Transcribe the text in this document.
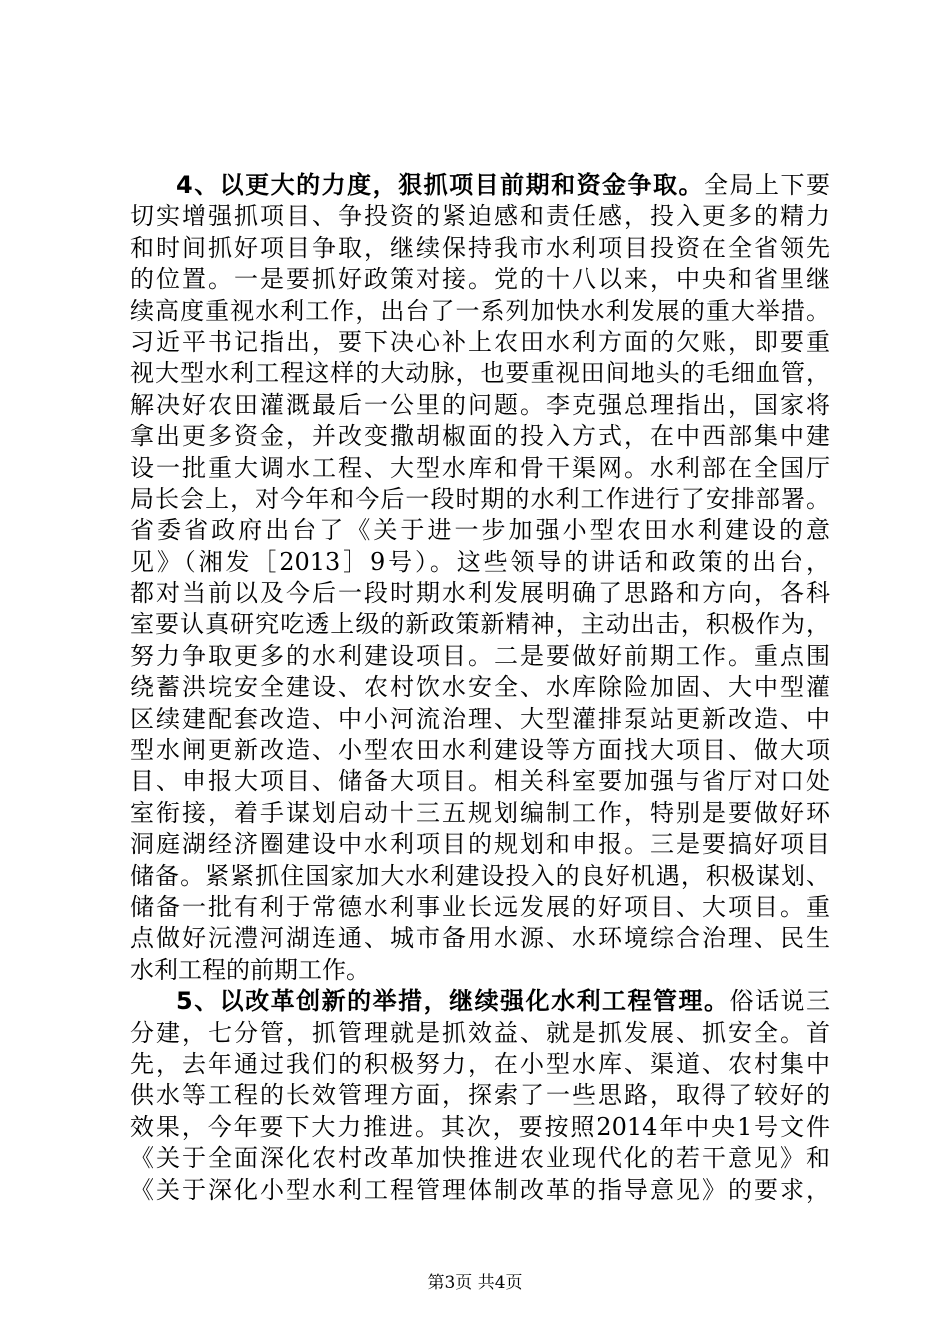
4、以更大的力度，狠抓项目前期和资金争取。全局上下要
切实增强抓项目、争投资的紧迫感和责任感，投入更多的精力
和时间抓好项目争取，继续保持我市水利项目投资在全省领先
的位置。一是要抓好政策对接。党的十八以来，中央和省里继
续高度重视水利工作，出台了一系列加快水利发展的重大举措。
习近平书记指出，要下决心补上农田水利方面的欠账，即要重
视大型水利工程这样的大动脉，也要重视田间地头的毛细血管，
解决好农田灌溉最后一公里的问题。李克强总理指出，国家将
拿出更多资金，并改变撒胡椒面的投入方式，在中西部集中建
设一批重大调水工程、大型水库和骨干渠网。水利部在全国厅
局长会上，对今年和今后一段时期的水利工作进行了安排部署。
省委省政府出台了《关于进一步加强小型农田水利建设的意
见》（湘发［2013］9号）。这些领导的讲话和政策的出台，
都对当前以及今后一段时期水利发展明确了思路和方向，各科
室要认真研究吃透上级的新政策新精神，主动出击，积极作为，
努力争取更多的水利建设项目。二是要做好前期工作。重点围
绕蓄洪垸安全建设、农村饮水安全、水库除险加固、大中型灌
区续建配套改造、中小河流治理、大型灌排泵站更新改造、中
型水闸更新改造、小型农田水利建设等方面找大项目、做大项
目、申报大项目、储备大项目。相关科室要加强与省厅对口处
室衔接，着手谋划启动十三五规划编制工作，特别是要做好环
洞庭湖经济圈建设中水利项目的规划和申报。三是要搞好项目
储备。紧紧抓住国家加大水利建设投入的良好机遇，积极谋划、
储备一批有利于常德水利事业长远发展的好项目、大项目。重
点做好沅澧河湖连通、城市备用水源、水环境综合治理、民生
水利工程的前期工作。
5、以改革创新的举措，继续强化水利工程管理。俗话说三
分建，七分管，抓管理就是抓效益、就是抓发展、抓安全。首
先，去年通过我们的积极努力，在小型水库、渠道、农村集中
供水等工程的长效管理方面，探索了一些思路，取得了较好的
效果，今年要下大力推进。其次，要按照2014年中央1号文件
《关于全面深化农村改革加快推进农业现代化的若干意见》和
《关于深化小型水利工程管理体制改革的指导意见》的要求，
第3页 共4页
